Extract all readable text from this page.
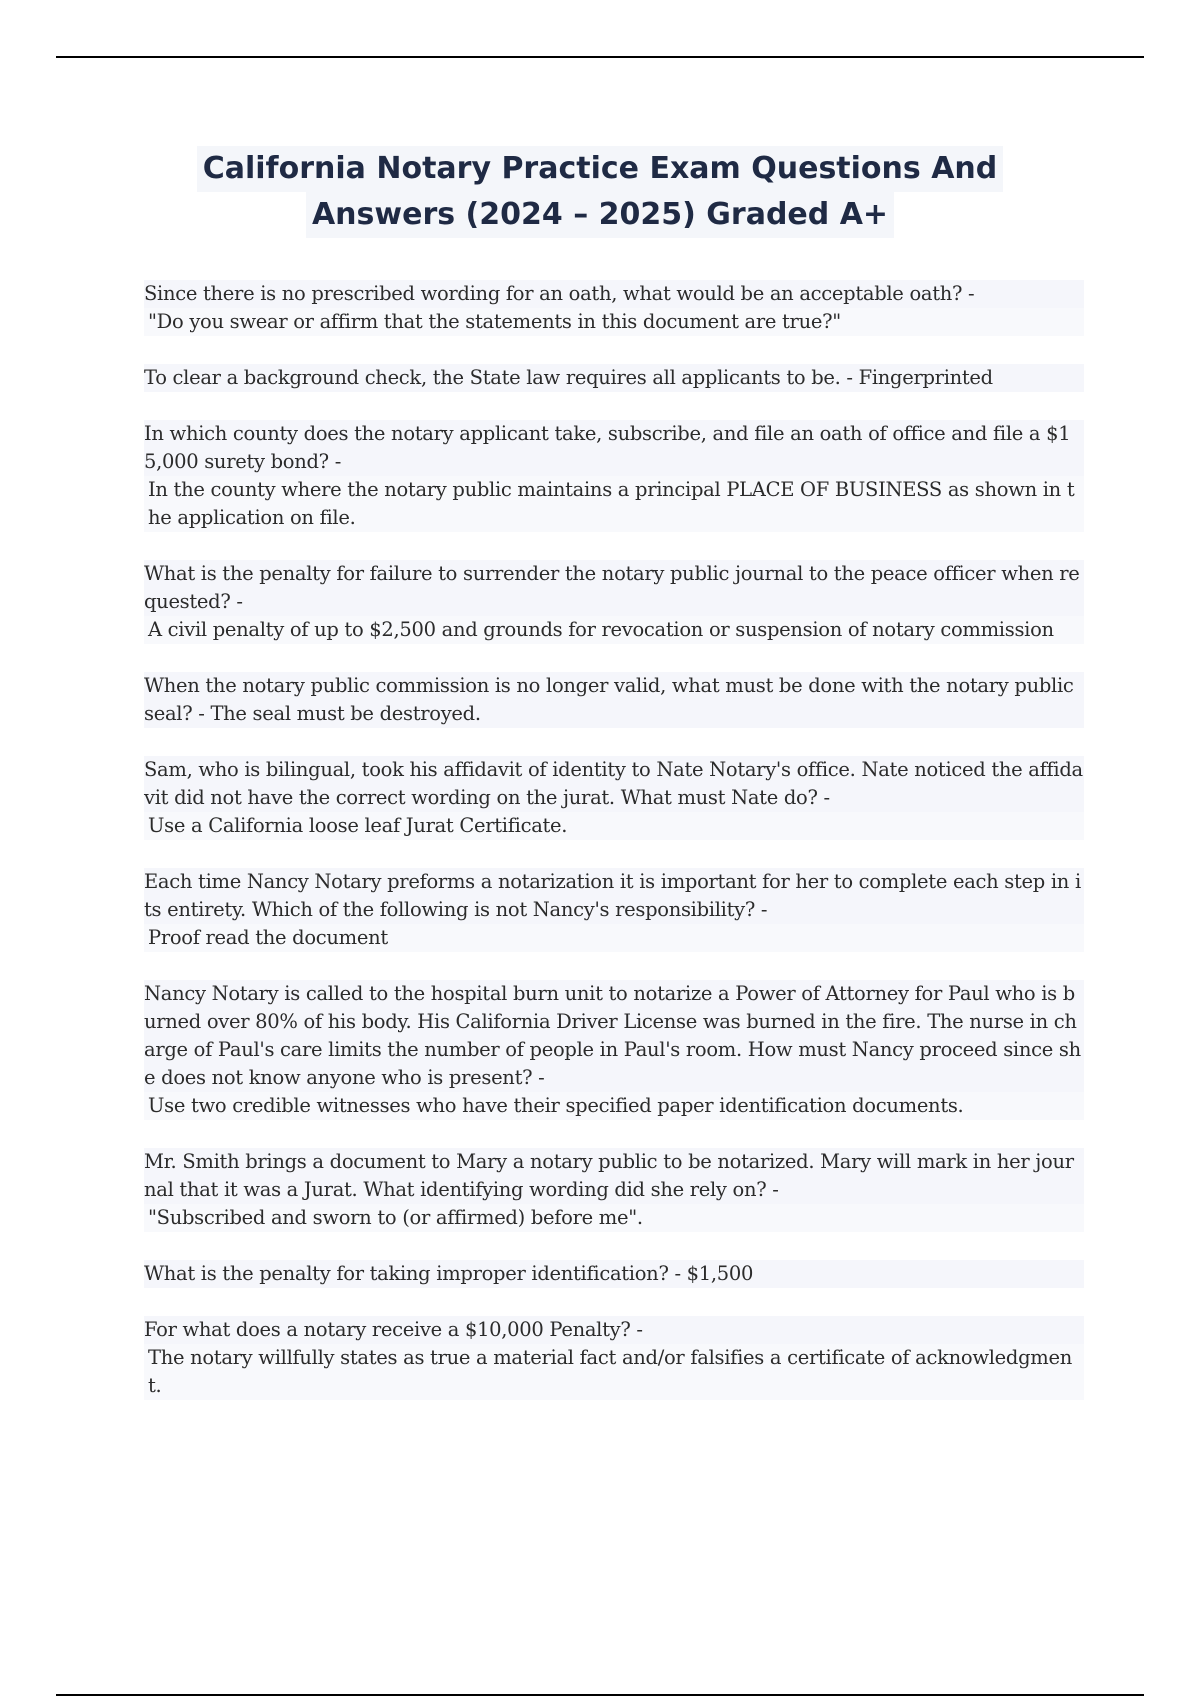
California Notary Practice Exam Questions And
Answers (2024 – 2025) Graded A+

Since there is no prescribed wording for an oath, what would be an acceptable oath? -

"Do you swear or affirm that the statements in this document are true?"

To clear a background check, the State law requires all applicants to be. - Fingerprinted

In which county does the notary applicant take, subscribe, and file an oath of office and file a $15,000 surety bond? -

In the county where the notary public maintains a principal PLACE OF BUSINESS as shown in the application on file.

What is the penalty for failure to surrender the notary public journal to the peace officer when requested? -

A civil penalty of up to $2,500 and grounds for revocation or suspension of notary commission

When the notary public commission is no longer valid, what must be done with the notary public seal? - The seal must be destroyed.

Sam, who is bilingual, took his affidavit of identity to Nate Notary's office. Nate noticed the affidavit did not have the correct wording on the jurat. What must Nate do? -

Use a California loose leaf Jurat Certificate.

Each time Nancy Notary preforms a notarization it is important for her to complete each step in its entirety. Which of the following is not Nancy's responsibility? -

Proof read the document

Nancy Notary is called to the hospital burn unit to notarize a Power of Attorney for Paul who is burned over 80% of his body. His California Driver License was burned in the fire. The nurse in charge of Paul's care limits the number of people in Paul's room. How must Nancy proceed since she does not know anyone who is present? -

Use two credible witnesses who have their specified paper identification documents.

Mr. Smith brings a document to Mary a notary public to be notarized. Mary will mark in her journal that it was a Jurat. What identifying wording did she rely on? -

"Subscribed and sworn to (or affirmed) before me".

What is the penalty for taking improper identification? - $1,500

For what does a notary receive a $10,000 Penalty? -

The notary willfully states as true a material fact and/or falsifies a certificate of acknowledgment.
